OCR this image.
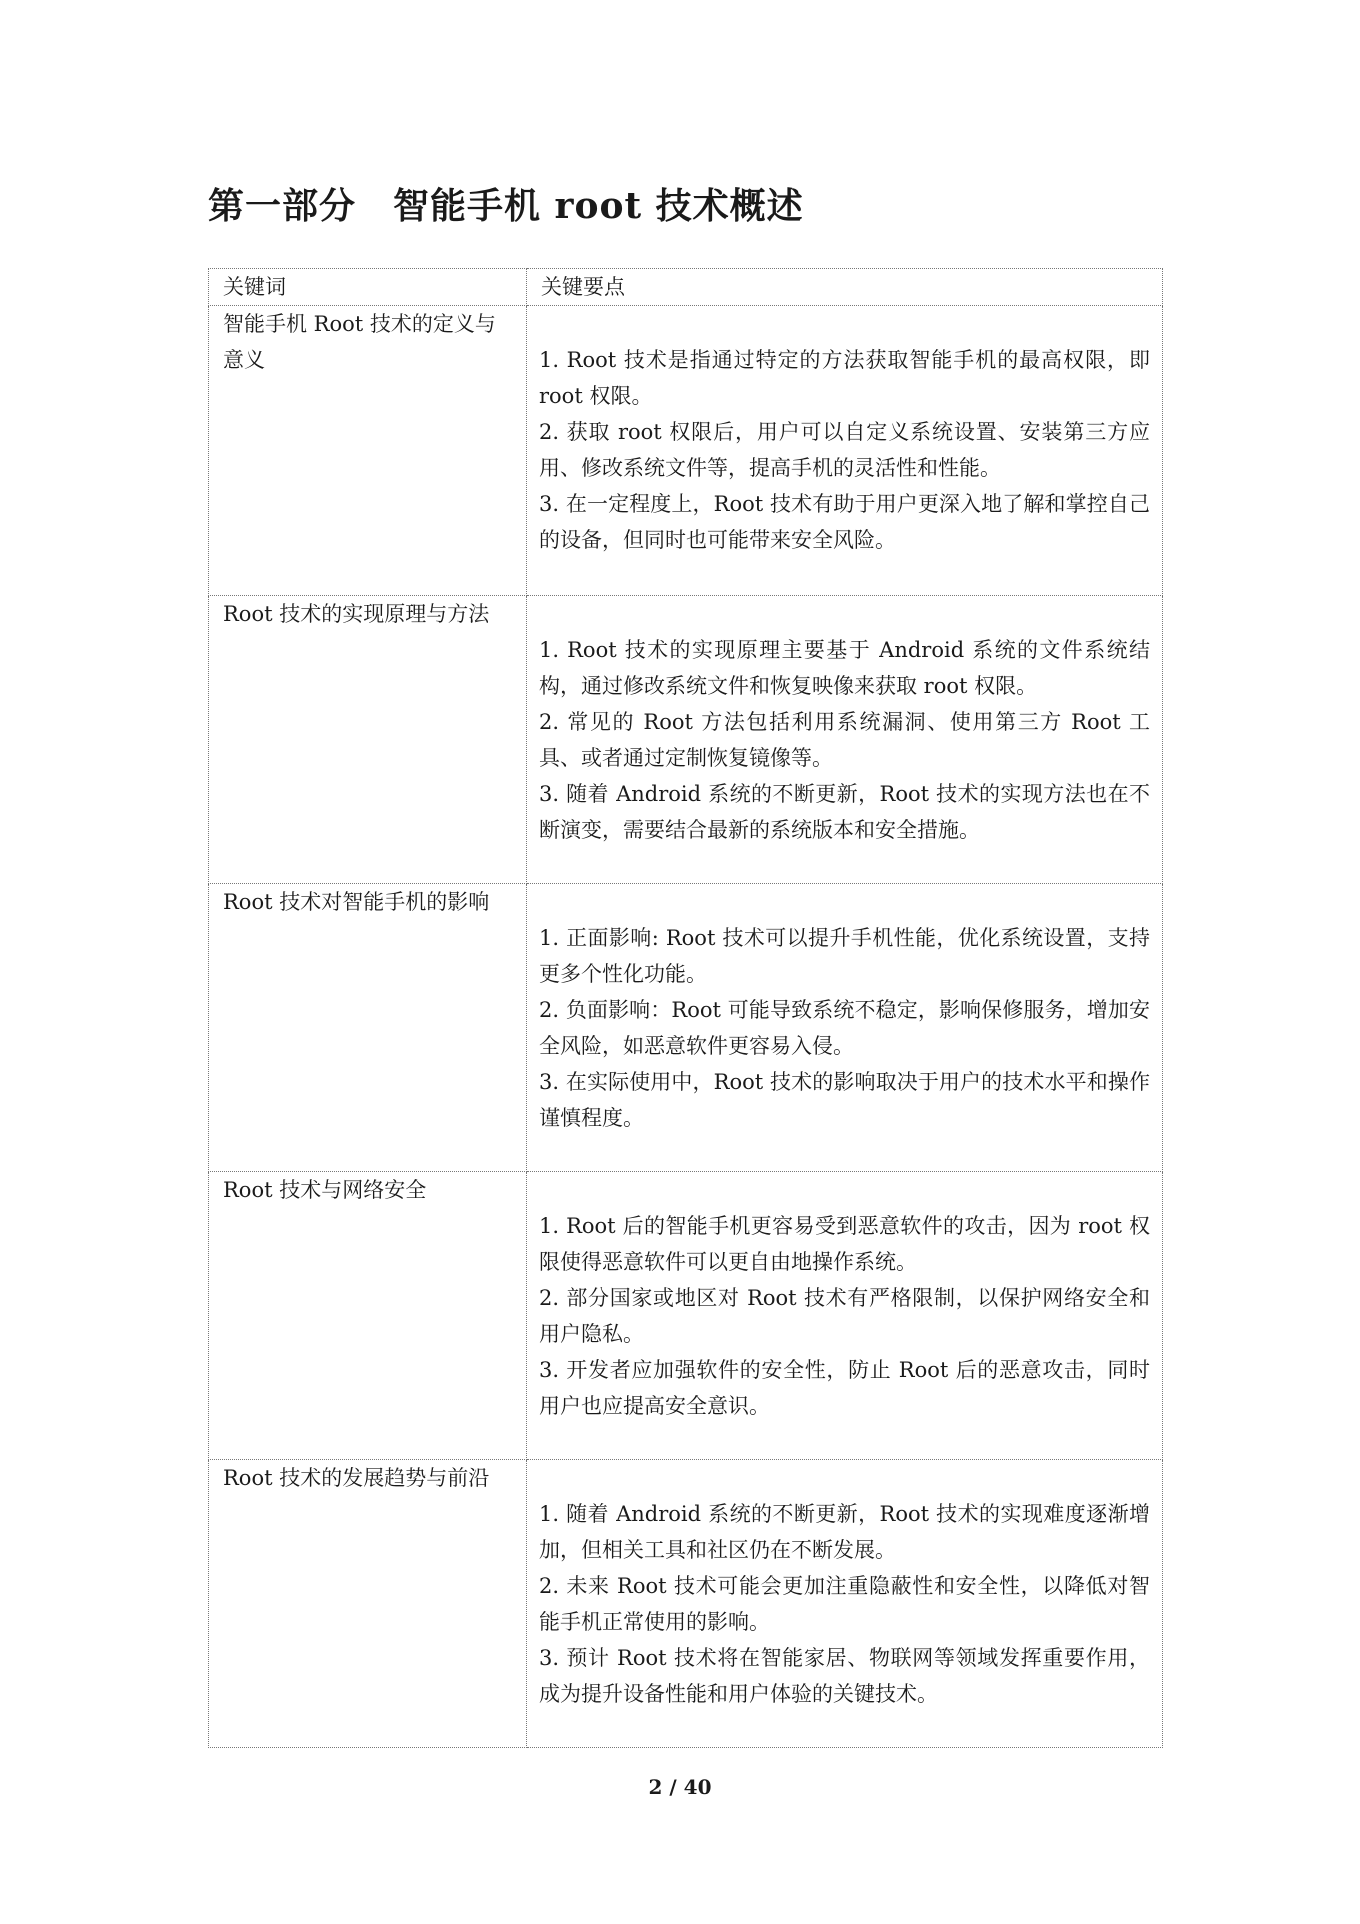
第一部分　智能手机 root 技术概述
关键词	关键要点
智能手机 Root 技术的定义与意义	1. Root 技术是指通过特定的方法获取智能手机的最高权限，即 root 权限。

2. 获取 root 权限后，用户可以自定义系统设置、安装第三方应用、修改系统文件等，提高手机的灵活性和性能。

3. 在一定程度上，Root 技术有助于用户更深入地了解和掌控自己的设备，但同时也可能带来安全风险。

Root 技术的实现原理与方法	1. Root 技术的实现原理主要基于 Android 系统的文件系统结构，通过修改系统文件和恢复映像来获取 root 权限。

2. 常见的 Root 方法包括利用系统漏洞、使用第三方 Root 工具、或者通过定制恢复镜像等。

3. 随着 Android 系统的不断更新，Root 技术的实现方法也在不断演变，需要结合最新的系统版本和安全措施。

Root 技术对智能手机的影响	1. 正面影响: Root 技术可以提升手机性能，优化系统设置，支持更多个性化功能。

2. 负面影响：Root 可能导致系统不稳定，影响保修服务，增加安全风险，如恶意软件更容易入侵。

3. 在实际使用中，Root 技术的影响取决于用户的技术水平和操作谨慎程度。

Root 技术与网络安全	1. Root 后的智能手机更容易受到恶意软件的攻击，因为 root 权限使得恶意软件可以更自由地操作系统。

2. 部分国家或地区对 Root 技术有严格限制，以保护网络安全和用户隐私。

3. 开发者应加强软件的安全性，防止 Root 后的恶意攻击，同时用户也应提高安全意识。

Root 技术的发展趋势与前沿	1. 随着 Android 系统的不断更新，Root 技术的实现难度逐渐增加，但相关工具和社区仍在不断发展。

2. 未来 Root 技术可能会更加注重隐蔽性和安全性，以降低对智能手机正常使用的影响。

3. 预计 Root 技术将在智能家居、物联网等领域发挥重要作用，成为提升设备性能和用户体验的关键技术。

2 / 40
